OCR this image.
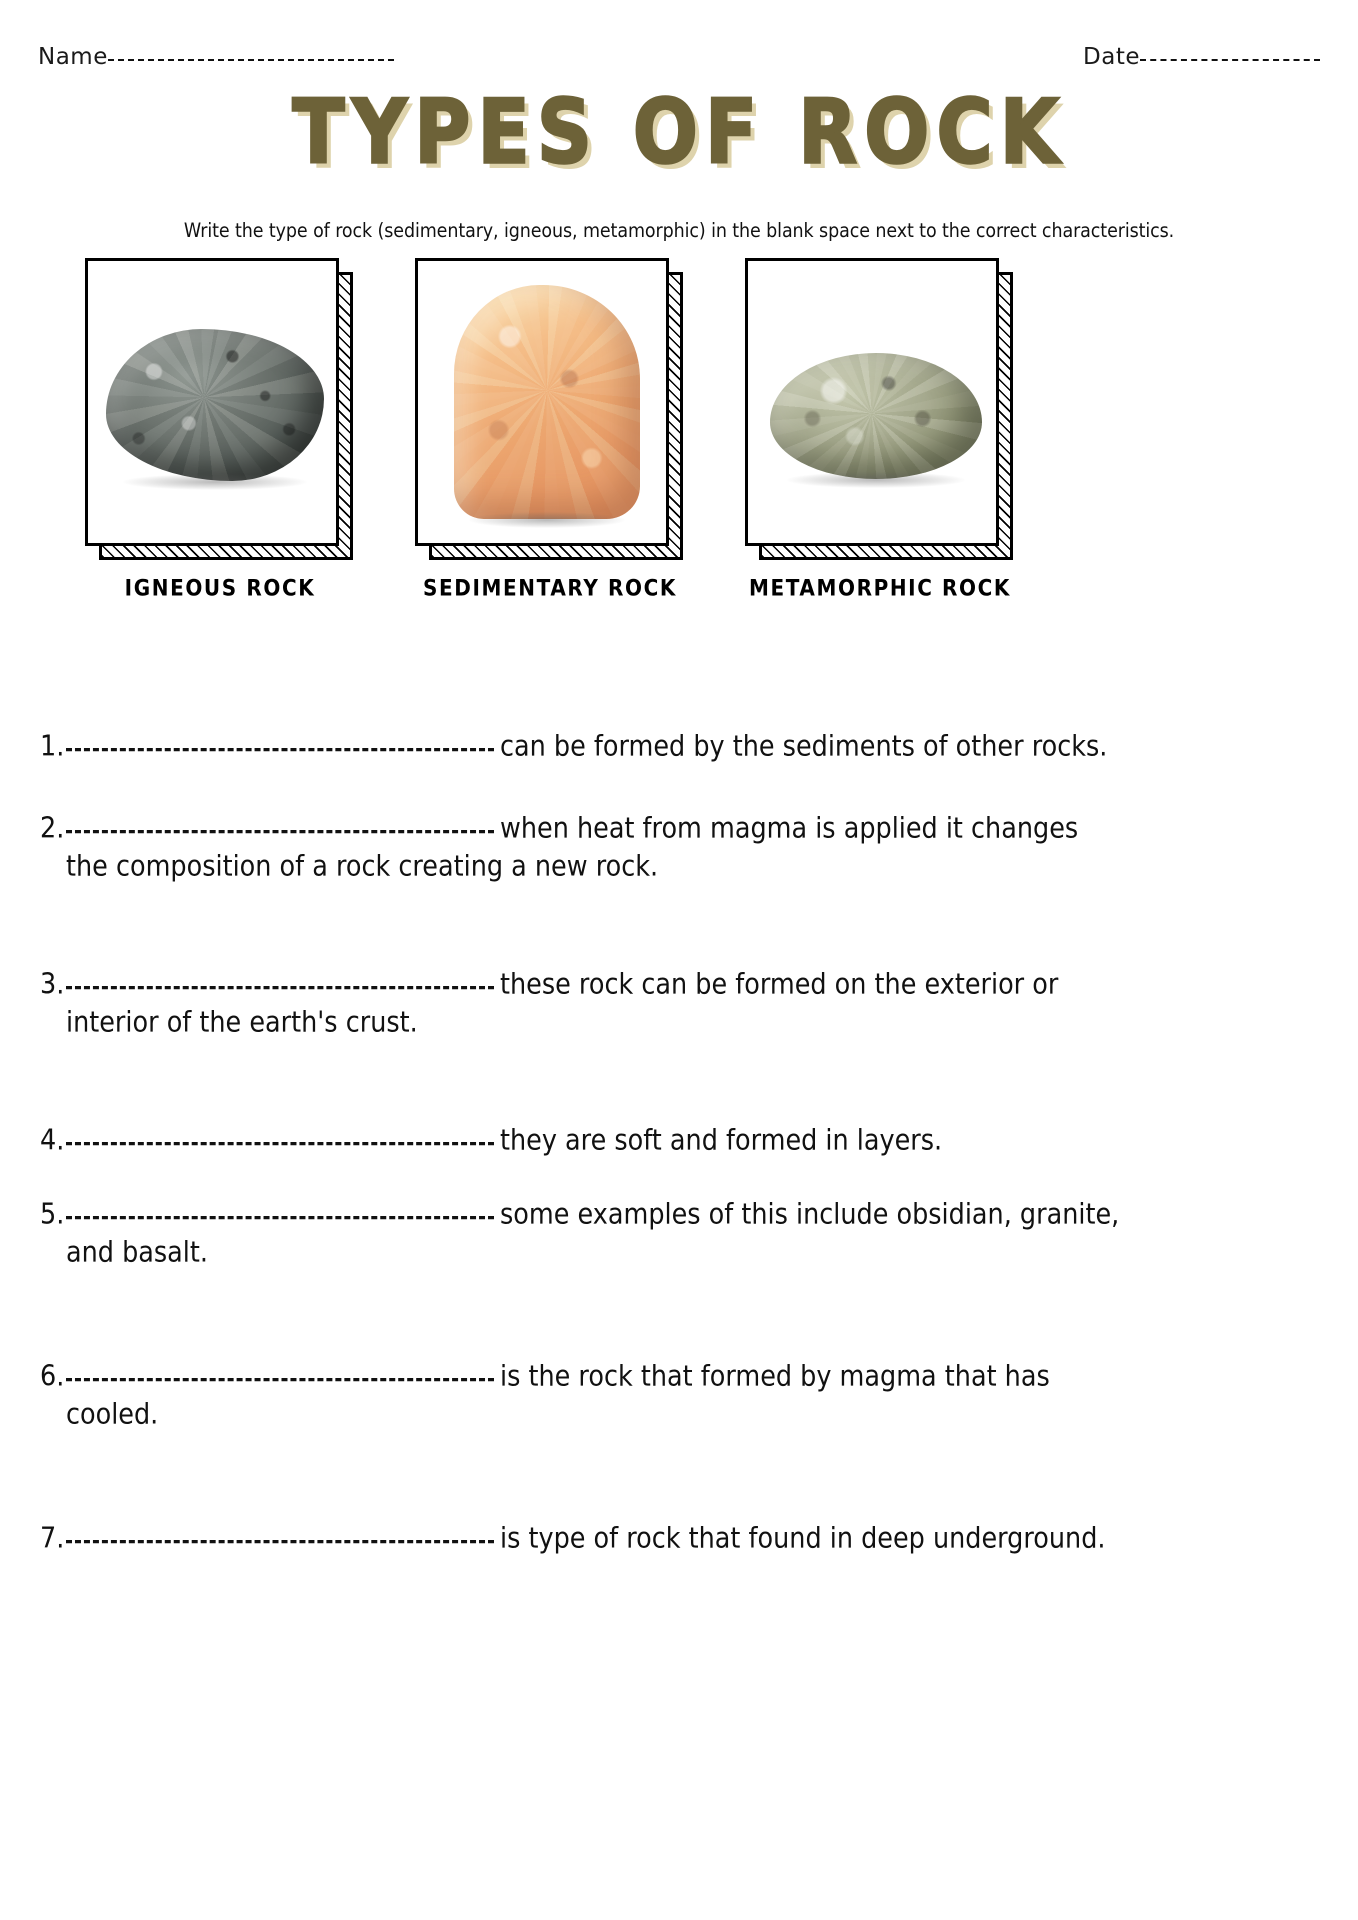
Name	Date
TYPES OF ROCK
Write the type of rock (sedimentary, igneous, metamorphic) in the blank space next to the correct characteristics.
IGNEOUS ROCK	SEDIMENTARY ROCK	METAMORPHIC ROCK
1.	can be formed by the sediments of other rocks.
2.	when heat from magma is applied it changes
the composition of a rock creating a new rock.
3.	these rock can be formed on the exterior or
interior of the earth's crust.
4.	they are soft and formed in layers.
5.	some examples of this include obsidian, granite,
and basalt.
6.	is the rock that formed by magma that has
cooled.
7.	is type of rock that found in deep underground.
